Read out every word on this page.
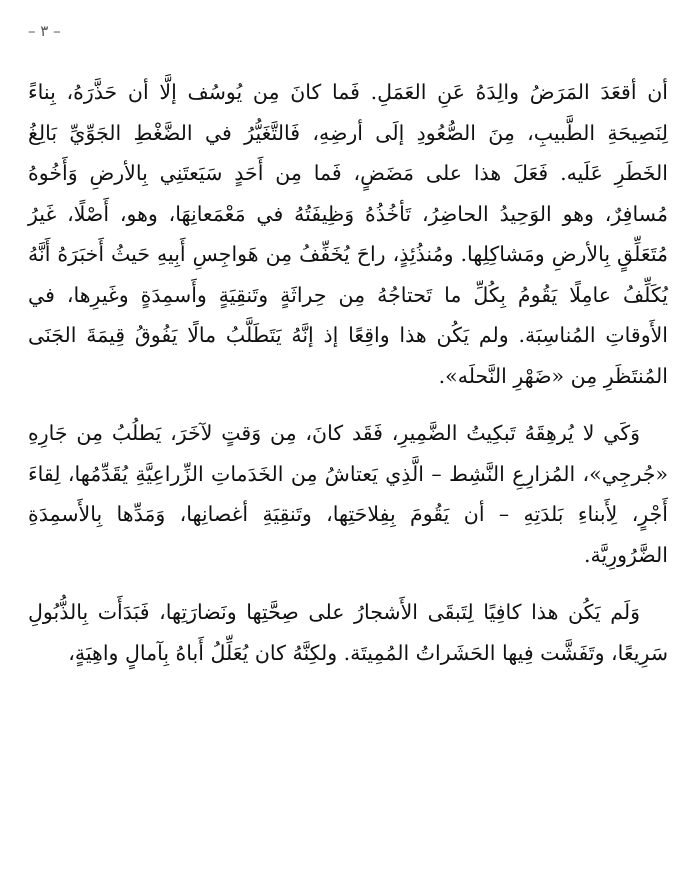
– ٣ –

أن أقعَدَ المَرَضُ والِدَهُ عَنِ العَمَلِ. فَما كانَ مِن يُوسُف إلَّا أن حَذَّرَهُ، بِناءً لِنَصِيحَةِ الطَّبيبِ، مِنَ الصُّعُودِ إلَى أرضِهِ، فَالتَّغَيُّرُ في الضَّغْطِ الجَوِّيِّ بَالِغُ الخَطَرِ عَلَيه. فَعَلَ هذا على مَضَضٍ، فَما مِن أَحَدٍ سَيَعتَنِي بِالأرضِ وَأَخُوهُ مُسافِرٌ، وهو الوَحِيدُ الحاضِرُ، تَأخُذُهُ وَظِيفَتُهُ في مَعْمَعانِهَا، وهو، أَصْلًا، غَيرُ مُتَعَلِّقٍ بِالأرضِ ومَشاكِلِها. ومُنذُئِذٍ، راحَ يُخَفِّفُ مِن هَواجِسِ أَبِيهِ حَيثُ أَخبَرَهُ أَنَّهُ يُكَلِّفُ عامِلًا يَقُومُ بِكُلِّ ما تَحتاجُهُ مِن حِراثَةٍ وتَنقِيَةٍ وأَسمِدَةٍ وغَيرِها، في الأَوقاتِ المُناسِبَة. ولم يَكُن هذا واقِعًا إذ إنَّهُ يَتَطَلَّبُ مالًا يَفُوقُ قِيمَةَ الجَنَى المُنتَظَرِ مِن «ضَهْرِ النَّحلَه».

وَكَي لا يُرهِقَهُ تَبكِيتُ الضَّمِيرِ، فَقَد كانَ، مِن وَقتٍ لآخَرَ، يَطلُبُ مِن جَارِهِ «جُرجِي»، المُزارِعِ النَّشِط – الَّذِي يَعتاشُ مِن الخَدَماتِ الزِّراعِيَّةِ يُقَدِّمُها، لِقاءَ أَجْرٍ، لِأَبناءِ بَلدَتِهِ – أن يَقُومَ بِفِلاحَتِها، وتَنقِيَةِ أغصانِها، وَمَدِّها بِالأَسمِدَةِ الضَّرُورِيَّة.

وَلَم يَكُن هذا كافِيًا لِتَبقَى الأَشجارُ على صِحَّتِها ونَضارَتِها، فَبَدَأَت بِالذُّبُولِ سَرِيعًا، وتَفَشَّت فِيها الحَشَراتُ المُمِيتَة. ولكِنَّهُ كان يُعَلِّلُ أَباهُ بِآمالٍ واهِيَةٍ،
